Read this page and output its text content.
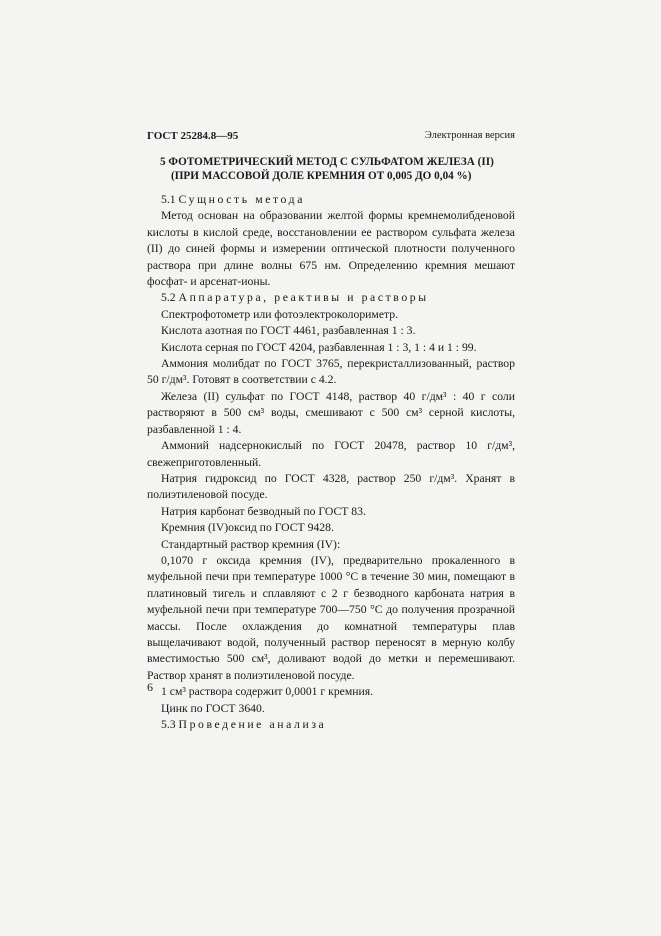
ГОСТ 25284.8—95	Электронная версия
5 ФОТОМЕТРИЧЕСКИЙ МЕТОД С СУЛЬФАТОМ ЖЕЛЕЗА (II)
(ПРИ МАССОВОЙ ДОЛЕ КРЕМНИЯ ОТ 0,005 ДО 0,04 %)

5.1 Сущность метода

Метод основан на образовании желтой формы кремнемолибденовой кислоты в кислой среде, восстановлении ее раствором сульфата железа (II) до синей формы и измерении оптической плотности полученного раствора при длине волны 675 нм. Определению кремния мешают фосфат- и арсенат-ионы.

5.2 Аппаратура, реактивы и растворы

Спектрофотометр или фотоэлектроколориметр.

Кислота азотная по ГОСТ 4461, разбавленная 1 : 3.

Кислота серная по ГОСТ 4204, разбавленная 1 : 3, 1 : 4 и 1 : 99.

Аммония молибдат по ГОСТ 3765, перекристаллизованный, раствор 50 г/дм³. Готовят в соответствии с 4.2.

Железа (II) сульфат по ГОСТ 4148, раствор 40 г/дм³ : 40 г соли растворяют в 500 см³ воды, смешивают с 500 см³ серной кислоты, разбавленной 1 : 4.

Аммоний надсернокислый по ГОСТ 20478, раствор 10 г/дм³, свежеприготовленный.

Натрия гидроксид по ГОСТ 4328, раствор 250 г/дм³. Хранят в полиэтиленовой посуде.

Натрия карбонат безводный по ГОСТ 83.

Кремния (IV)оксид по ГОСТ 9428.

Стандартный раствор кремния (IV):

0,1070 г оксида кремния (IV), предварительно прокаленного в муфельной печи при температуре 1000 °С в течение 30 мин, помещают в платиновый тигель и сплавляют с 2 г безводного карбоната натрия в муфельной печи при температуре 700—750 °С до получения прозрачной массы. После охлаждения до комнатной температуры плав выщелачивают водой, полученный раствор переносят в мерную колбу вместимостью 500 см³, доливают водой до метки и перемешивают. Раствор хранят в полиэтиленовой посуде.

1 см³ раствора содержит 0,0001 г кремния.

Цинк по ГОСТ 3640.

5.3 Проведение анализа

6
